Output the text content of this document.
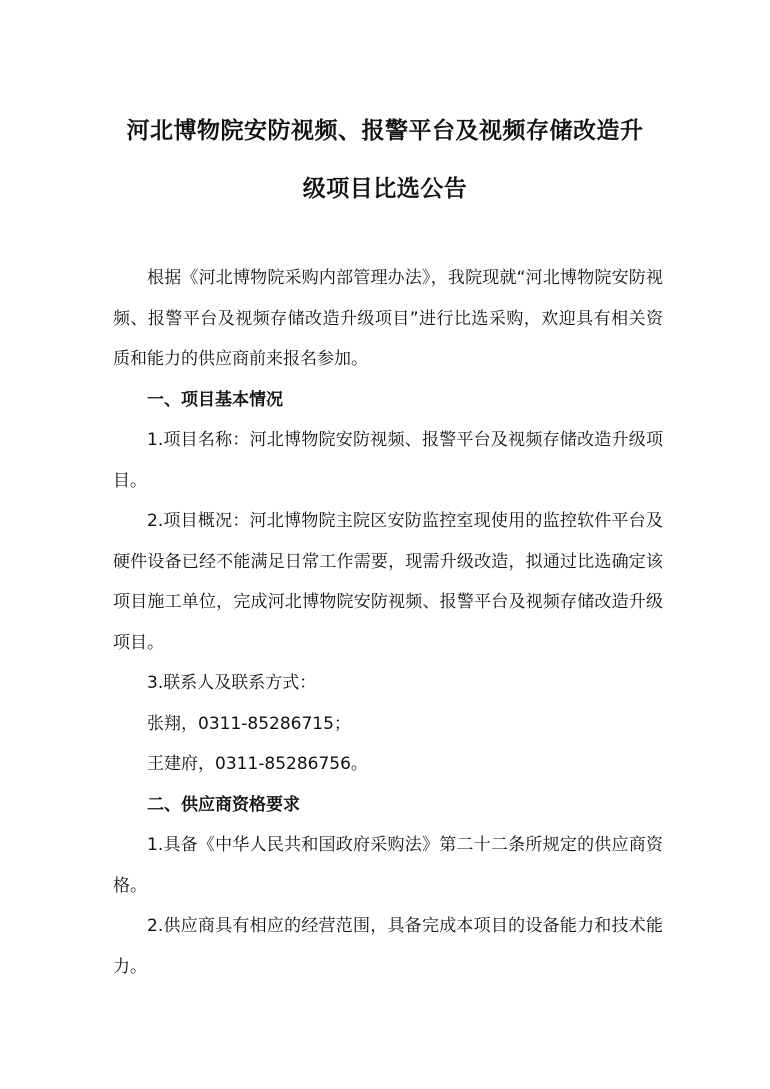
河北博物院安防视频、报警平台及视频存储改造升
级项目比选公告

根据《河北博物院采购内部管理办法》，我院现就“河北博物院安防视频、报警平台及视频存储改造升级项目”进行比选采购，欢迎具有相关资质和能力的供应商前来报名参加。

一、项目基本情况

1.项目名称：河北博物院安防视频、报警平台及视频存储改造升级项目。

2.项目概况：河北博物院主院区安防监控室现使用的监控软件平台及硬件设备已经不能满足日常工作需要，现需升级改造，拟通过比选确定该项目施工单位，完成河北博物院安防视频、报警平台及视频存储改造升级项目。

3.联系人及联系方式：

张翔，0311-85286715；

王建府，0311-85286756。

二、供应商资格要求

1.具备《中华人民共和国政府采购法》第二十二条所规定的供应商资格。

2.供应商具有相应的经营范围，具备完成本项目的设备能力和技术能力。
